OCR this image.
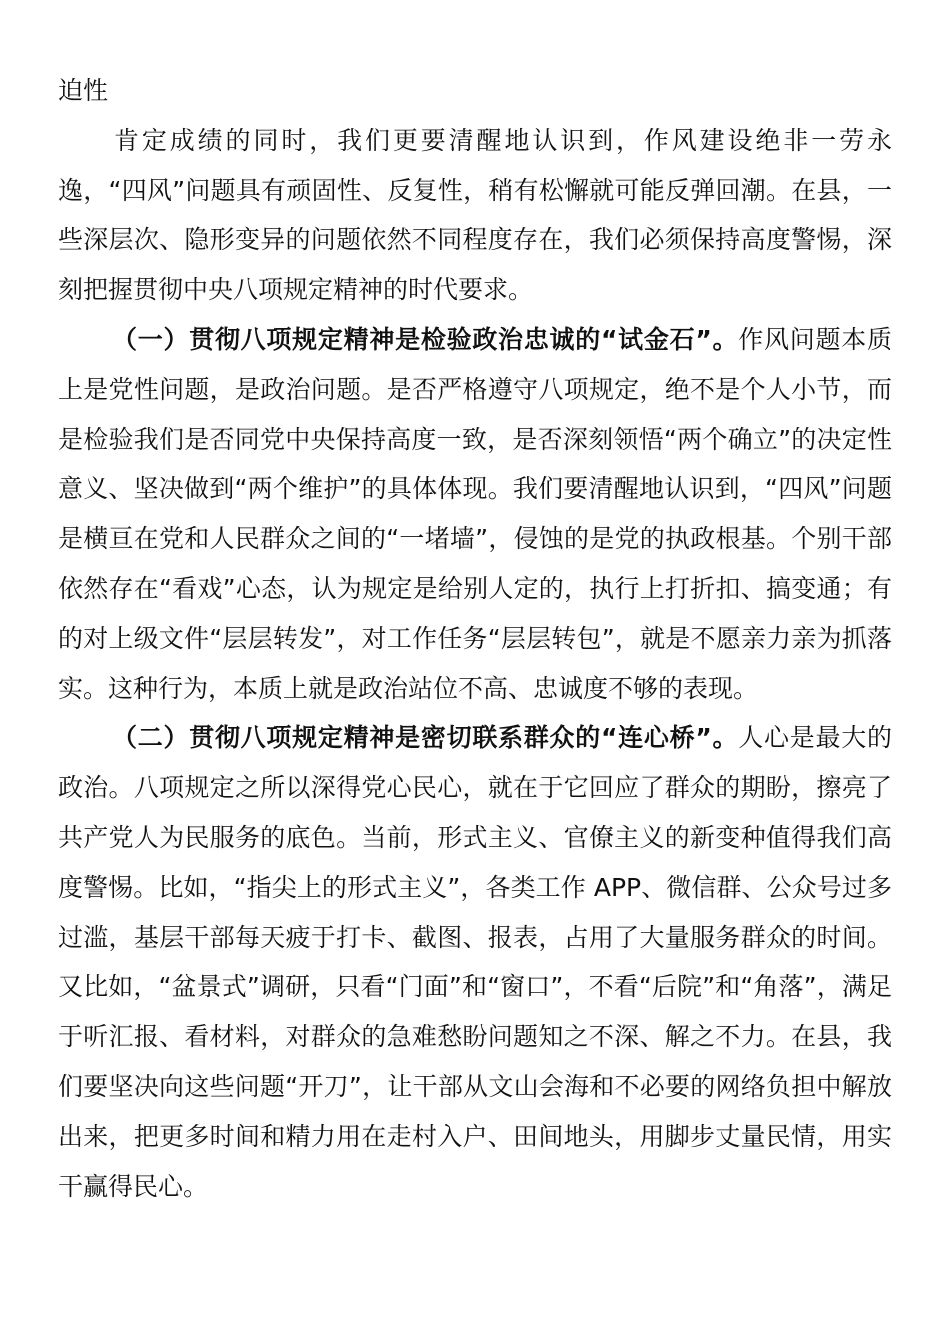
迫性

肯定成绩的同时，我们更要清醒地认识到，作风建设绝非一劳永逸，“四风”问题具有顽固性、反复性，稍有松懈就可能反弹回潮。在县，一些深层次、隐形变异的问题依然不同程度存在，我们必须保持高度警惕，深刻把握贯彻中央八项规定精神的时代要求。

（一）贯彻八项规定精神是检验政治忠诚的“试金石”。作风问题本质上是党性问题，是政治问题。是否严格遵守八项规定，绝不是个人小节，而是检验我们是否同党中央保持高度一致，是否深刻领悟“两个确立”的决定性意义、坚决做到“两个维护”的具体体现。我们要清醒地认识到，“四风”问题是横亘在党和人民群众之间的“一堵墙”，侵蚀的是党的执政根基。个别干部依然存在“看戏”心态，认为规定是给别人定的，执行上打折扣、搞变通；有的对上级文件“层层转发”，对工作任务“层层转包”，就是不愿亲力亲为抓落实。这种行为，本质上就是政治站位不高、忠诚度不够的表现。

（二）贯彻八项规定精神是密切联系群众的“连心桥”。人心是最大的政治。八项规定之所以深得党心民心，就在于它回应了群众的期盼，擦亮了共产党人为民服务的底色。当前，形式主义、官僚主义的新变种值得我们高度警惕。比如，“指尖上的形式主义”，各类工作 APP、微信群、公众号过多过滥，基层干部每天疲于打卡、截图、报表，占用了大量服务群众的时间。又比如，“盆景式”调研，只看“门面”和“窗口”，不看“后院”和“角落”，满足于听汇报、看材料，对群众的急难愁盼问题知之不深、解之不力。在县，我们要坚决向这些问题“开刀”，让干部从文山会海和不必要的网络负担中解放出来，把更多时间和精力用在走村入户、田间地头，用脚步丈量民情，用实干赢得民心。
